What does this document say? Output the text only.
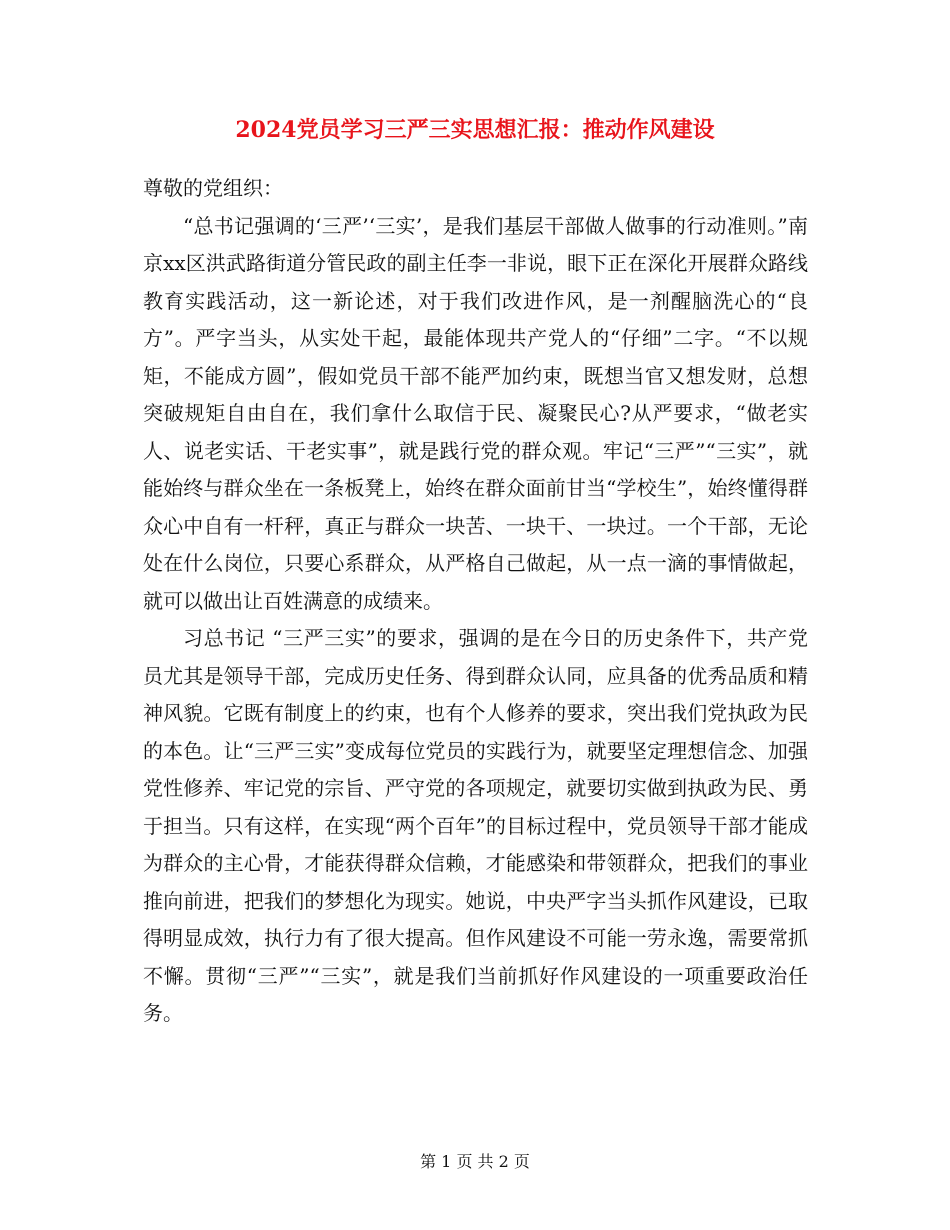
2024党员学习三严三实思想汇报：推动作风建设

尊敬的党组织：

“总书记强调的‘三严’‘三实’，是我们基层干部做人做事的行动准则。”南京xx区洪武路街道分管民政的副主任李一非说，眼下正在深化开展群众路线教育实践活动，这一新论述，对于我们改进作风，是一剂醒脑洗心的“良方”。严字当头，从实处干起，最能体现共产党人的“仔细”二字。“不以规矩，不能成方圆”，假如党员干部不能严加约束，既想当官又想发财，总想突破规矩自由自在，我们拿什么取信于民、凝聚民心?从严要求，“做老实人、说老实话、干老实事”，就是践行党的群众观。牢记“三严”“三实”，就能始终与群众坐在一条板凳上，始终在群众面前甘当“学校生”，始终懂得群众心中自有一杆秤，真正与群众一块苦、一块干、一块过。一个干部，无论处在什么岗位，只要心系群众，从严格自己做起，从一点一滴的事情做起，就可以做出让百姓满意的成绩来。

习总书记 “三严三实”的要求，强调的是在今日的历史条件下，共产党员尤其是领导干部，完成历史任务、得到群众认同，应具备的优秀品质和精神风貌。它既有制度上的约束，也有个人修养的要求，突出我们党执政为民的本色。让“三严三实”变成每位党员的实践行为，就要坚定理想信念、加强党性修养、牢记党的宗旨、严守党的各项规定，就要切实做到执政为民、勇于担当。只有这样，在实现“两个百年”的目标过程中，党员领导干部才能成为群众的主心骨，才能获得群众信赖，才能感染和带领群众，把我们的事业推向前进，把我们的梦想化为现实。她说，中央严字当头抓作风建设，已取得明显成效，执行力有了很大提高。但作风建设不可能一劳永逸，需要常抓不懈。贯彻“三严”“三实”，就是我们当前抓好作风建设的一项重要政治任务。

第 1 页 共 2 页
